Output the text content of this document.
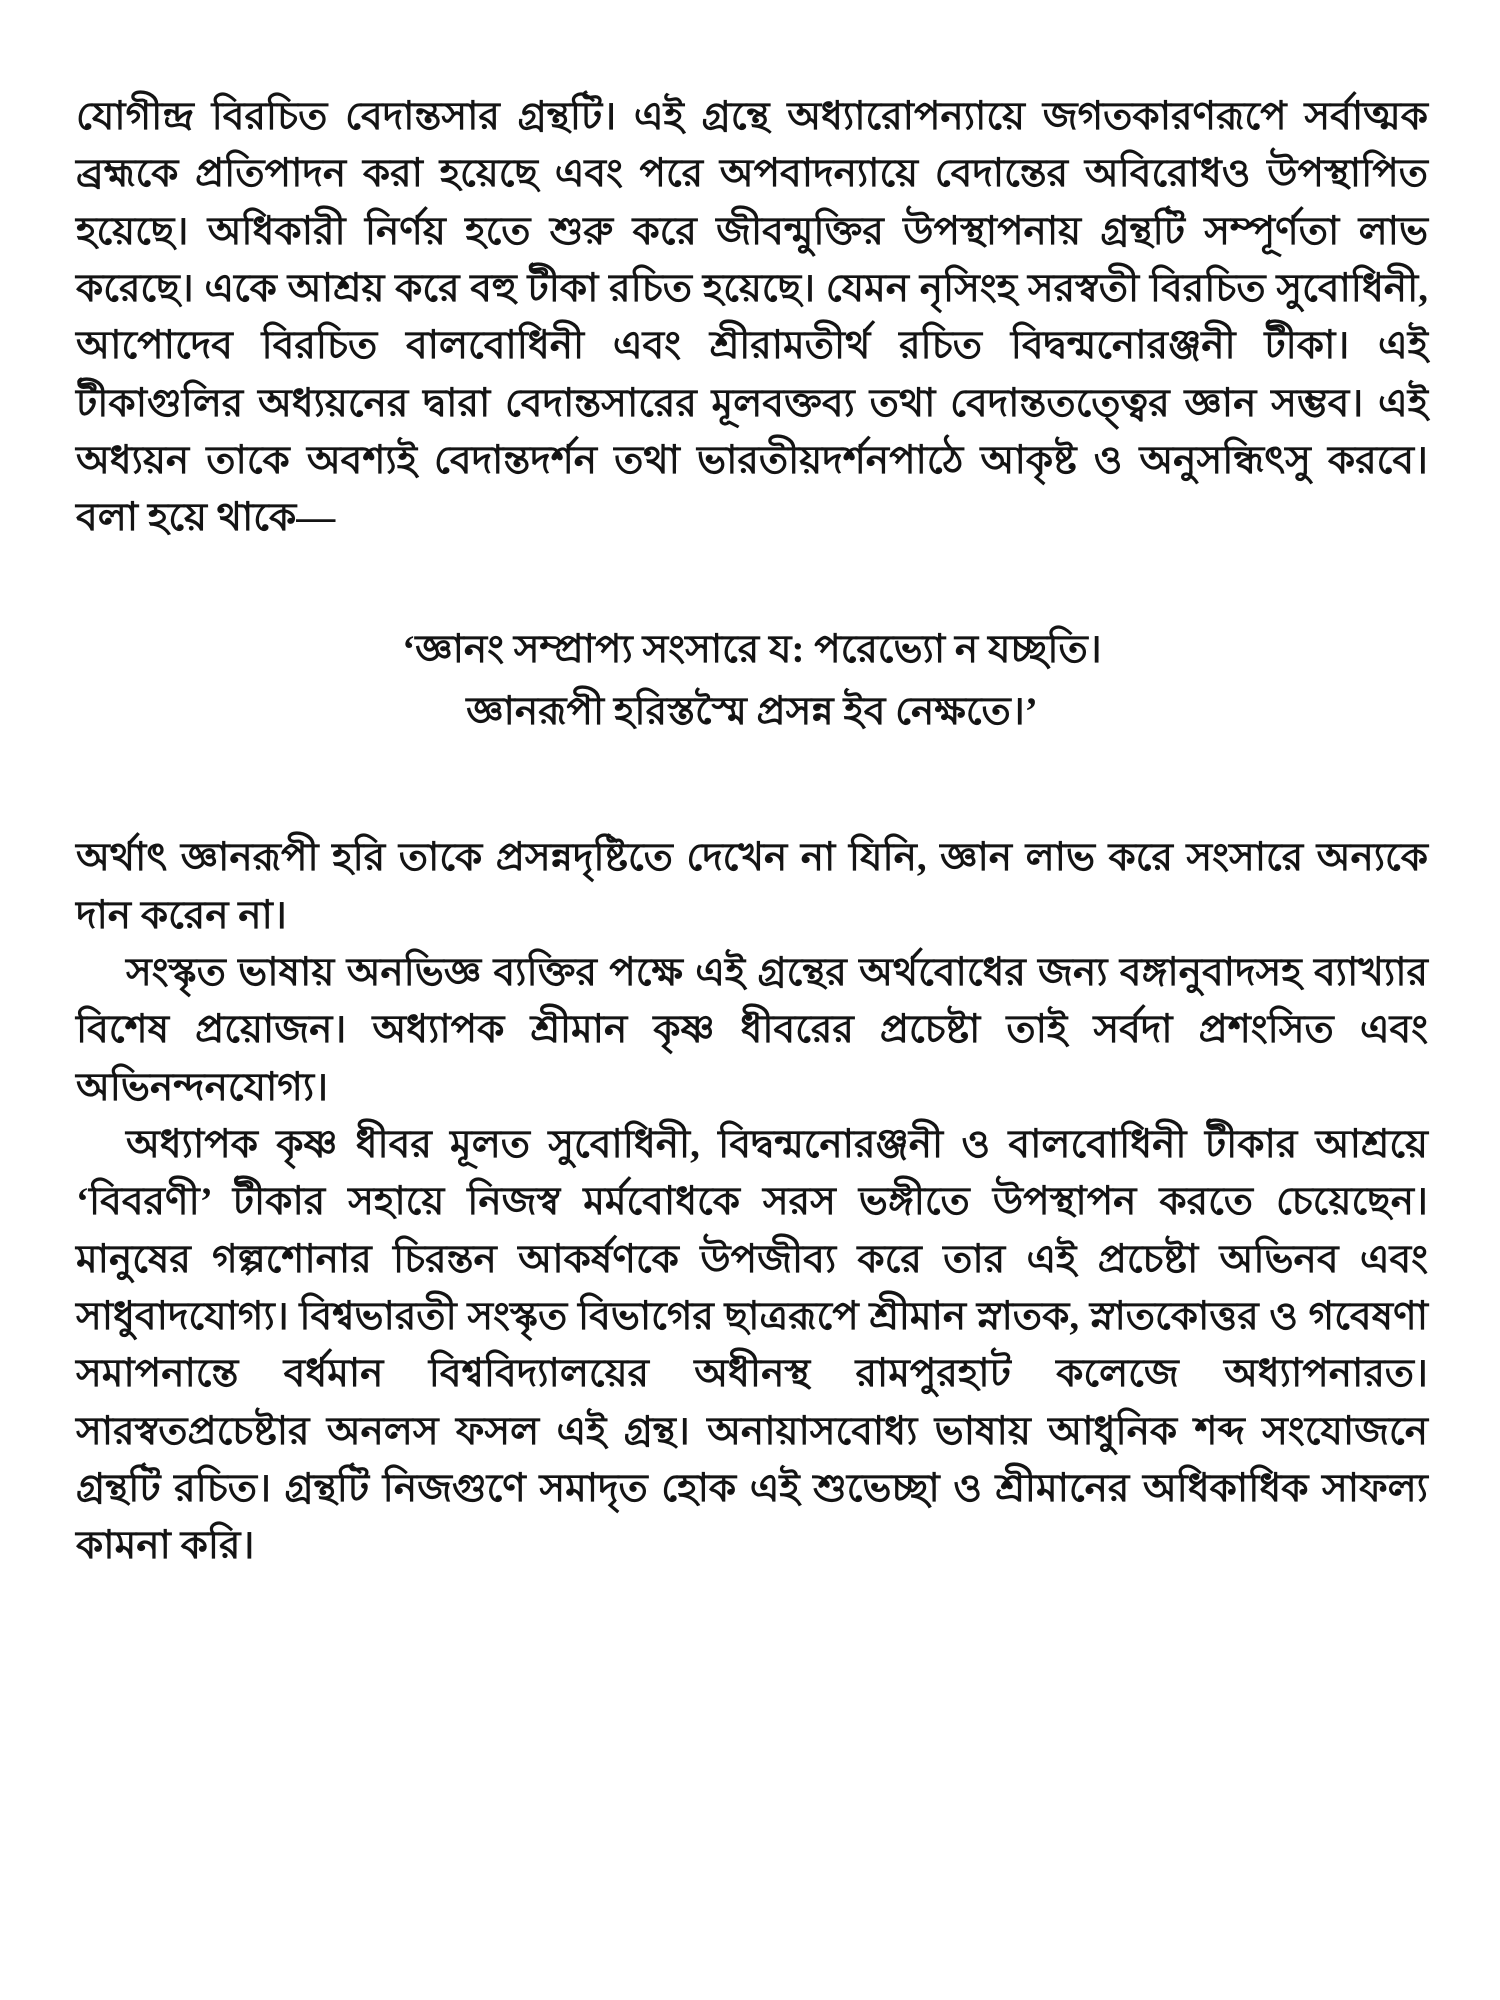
যোগীন্দ্র বিরচিত বেদান্তসার গ্রন্থটি। এই গ্রন্থে অধ্যারোপন্যায়ে জগতকারণরূপে সর্বাত্মক ব্রহ্মকে প্রতিপাদন করা হয়েছে এবং পরে অপবাদন্যায়ে বেদান্তের অবিরোধও উপস্থাপিত হয়েছে। অধিকারী নির্ণয় হতে শুরু করে জীবন্মুক্তির উপস্থাপনায় গ্রন্থটি সম্পূর্ণতা লাভ করেছে। একে আশ্রয় করে বহু টীকা রচিত হয়েছে। যেমন নৃসিংহ সরস্বতী বিরচিত সুবোধিনী, আপোদেব বিরচিত বালবোধিনী এবং শ্রীরামতীর্থ রচিত বিদ্বন্মনোরঞ্জনী টীকা। এই টীকাগুলির অধ্যয়নের দ্বারা বেদান্তসারের মূলবক্তব্য তথা বেদান্ততত্ত্বের জ্ঞান সম্ভব। এই অধ্যয়ন তাকে অবশ্যই বেদান্তদর্শন তথা ভারতীয়দর্শনপাঠে আকৃষ্ট ও অনুসন্ধিৎসু করবে। বলা হয়ে থাকে—

‘জ্ঞানং সম্প্রাপ্য সংসারে য: পরেভ্যো ন যচ্ছতি।
জ্ঞানরূপী হরিস্তস্মৈ প্রসন্ন ইব নেক্ষতে।’

অর্থাৎ জ্ঞানরূপী হরি তাকে প্রসন্নদৃষ্টিতে দেখেন না যিনি, জ্ঞান লাভ করে সংসারে অন্যকে দান করেন না।

সংস্কৃত ভাষায় অনভিজ্ঞ ব্যক্তির পক্ষে এই গ্রন্থের অর্থবোধের জন্য বঙ্গানুবাদসহ ব্যাখ্যার বিশেষ প্রয়োজন। অধ্যাপক শ্রীমান কৃষ্ণ ধীবরের প্রচেষ্টা তাই সর্বদা প্রশংসিত এবং অভিনন্দনযোগ্য।

অধ্যাপক কৃষ্ণ ধীবর মূলত সুবোধিনী, বিদ্বন্মনোরঞ্জনী ও বালবোধিনী টীকার আশ্রয়ে ‘বিবরণী’ টীকার সহায়ে নিজস্ব মর্মবোধকে সরস ভঙ্গীতে উপস্থাপন করতে চেয়েছেন। মানুষের গল্পশোনার চিরন্তন আকর্ষণকে উপজীব্য করে তার এই প্রচেষ্টা অভিনব এবং সাধুবাদযোগ্য। বিশ্বভারতী সংস্কৃত বিভাগের ছাত্ররূপে শ্রীমান স্নাতক, স্নাতকোত্তর ও গবেষণা সমাপনান্তে বর্ধমান বিশ্ববিদ্যালয়ের অধীনস্থ রামপুরহাট কলেজে অধ্যাপনারত। সারস্বতপ্রচেষ্টার অনলস ফসল এই গ্রন্থ। অনায়াসবোধ্য ভাষায় আধুনিক শব্দ সংযোজনে গ্রন্থটি রচিত। গ্রন্থটি নিজগুণে সমাদৃত হোক এই শুভেচ্ছা ও শ্রীমানের অধিকাধিক সাফল্য কামনা করি।
